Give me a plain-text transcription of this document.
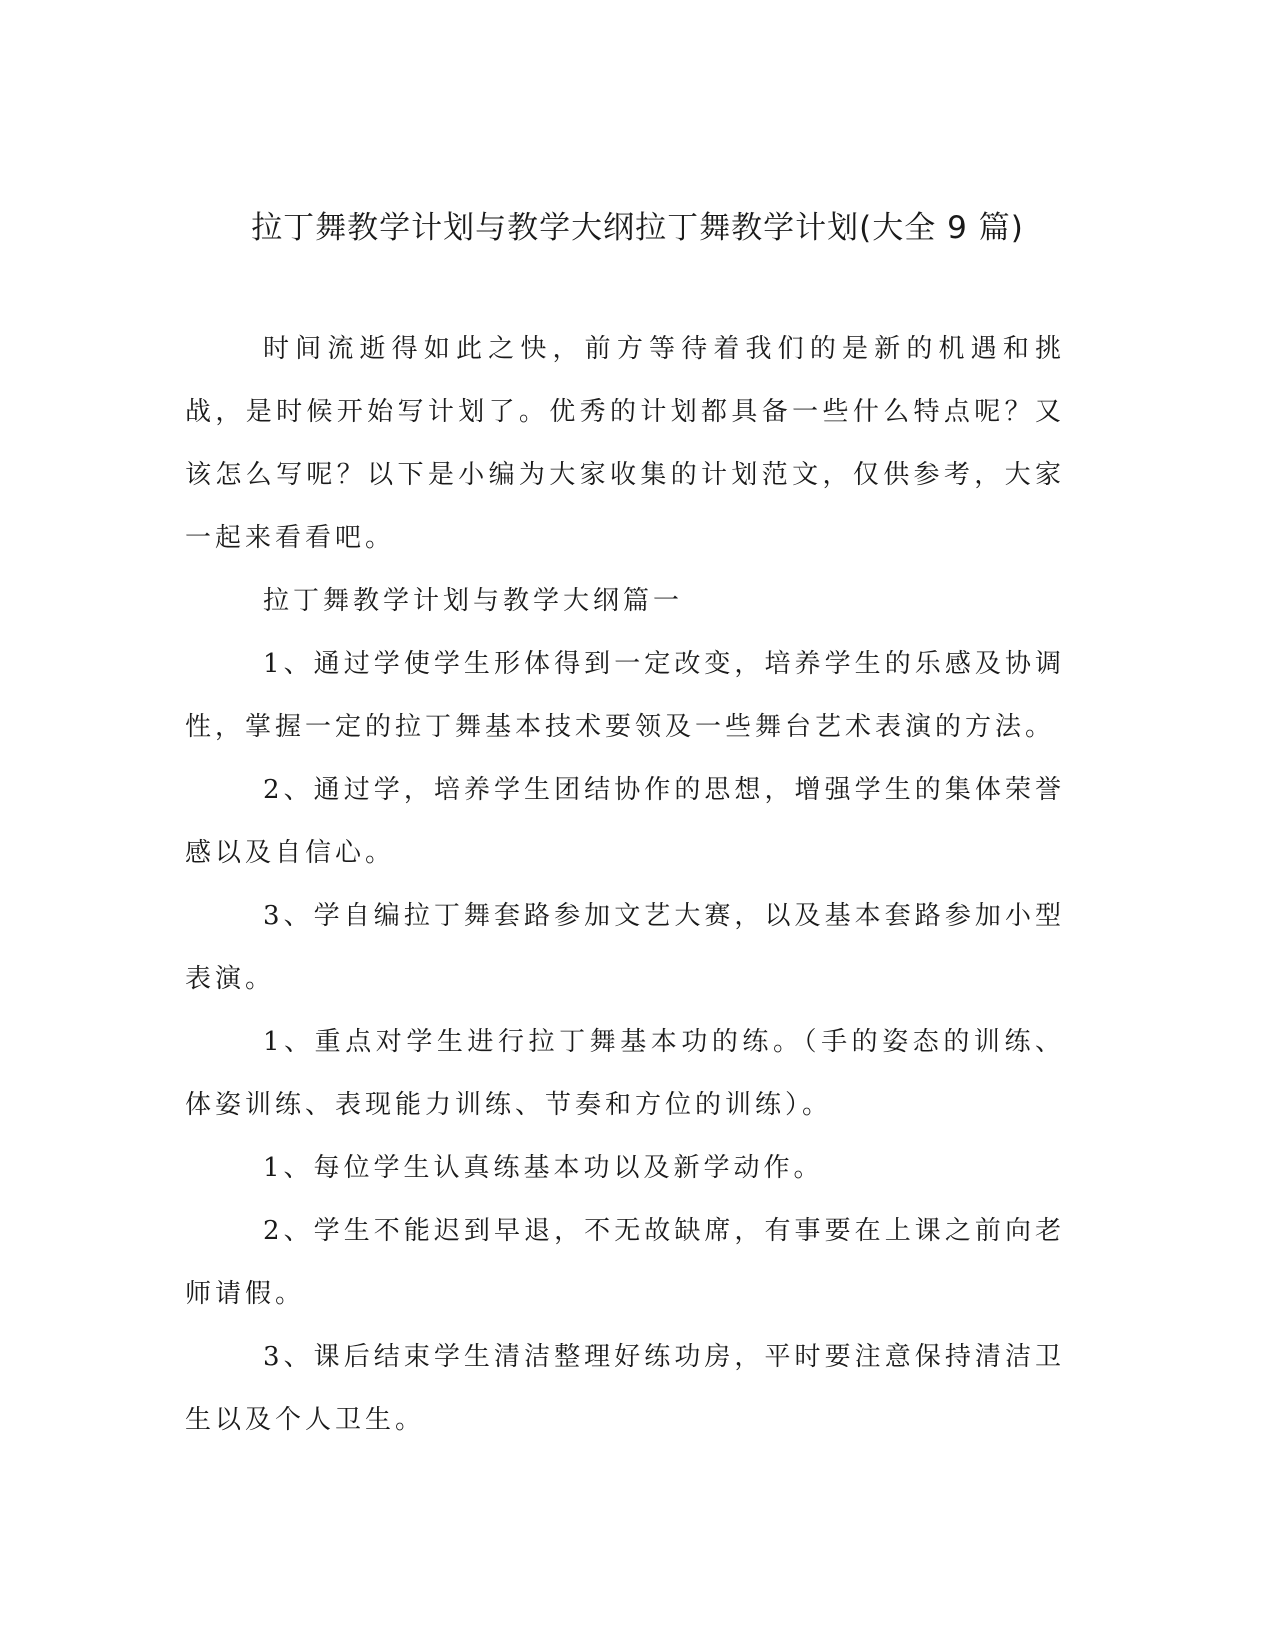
拉丁舞教学计划与教学大纲拉丁舞教学计划(大全 9 篇)

时间流逝得如此之快，前方等待着我们的是新的机遇和挑战，是时候开始写计划了。优秀的计划都具备一些什么特点呢？又该怎么写呢？以下是小编为大家收集的计划范文，仅供参考，大家一起来看看吧。

拉丁舞教学计划与教学大纲篇一

1、通过学使学生形体得到一定改变，培养学生的乐感及协调性，掌握一定的拉丁舞基本技术要领及一些舞台艺术表演的方法。

2、通过学，培养学生团结协作的思想，增强学生的集体荣誉感以及自信心。

3、学自编拉丁舞套路参加文艺大赛，以及基本套路参加小型表演。

1、重点对学生进行拉丁舞基本功的练。（手的姿态的训练、体姿训练、表现能力训练、节奏和方位的训练）。

1、每位学生认真练基本功以及新学动作。

2、学生不能迟到早退，不无故缺席，有事要在上课之前向老师请假。

3、课后结束学生清洁整理好练功房，平时要注意保持清洁卫生以及个人卫生。
